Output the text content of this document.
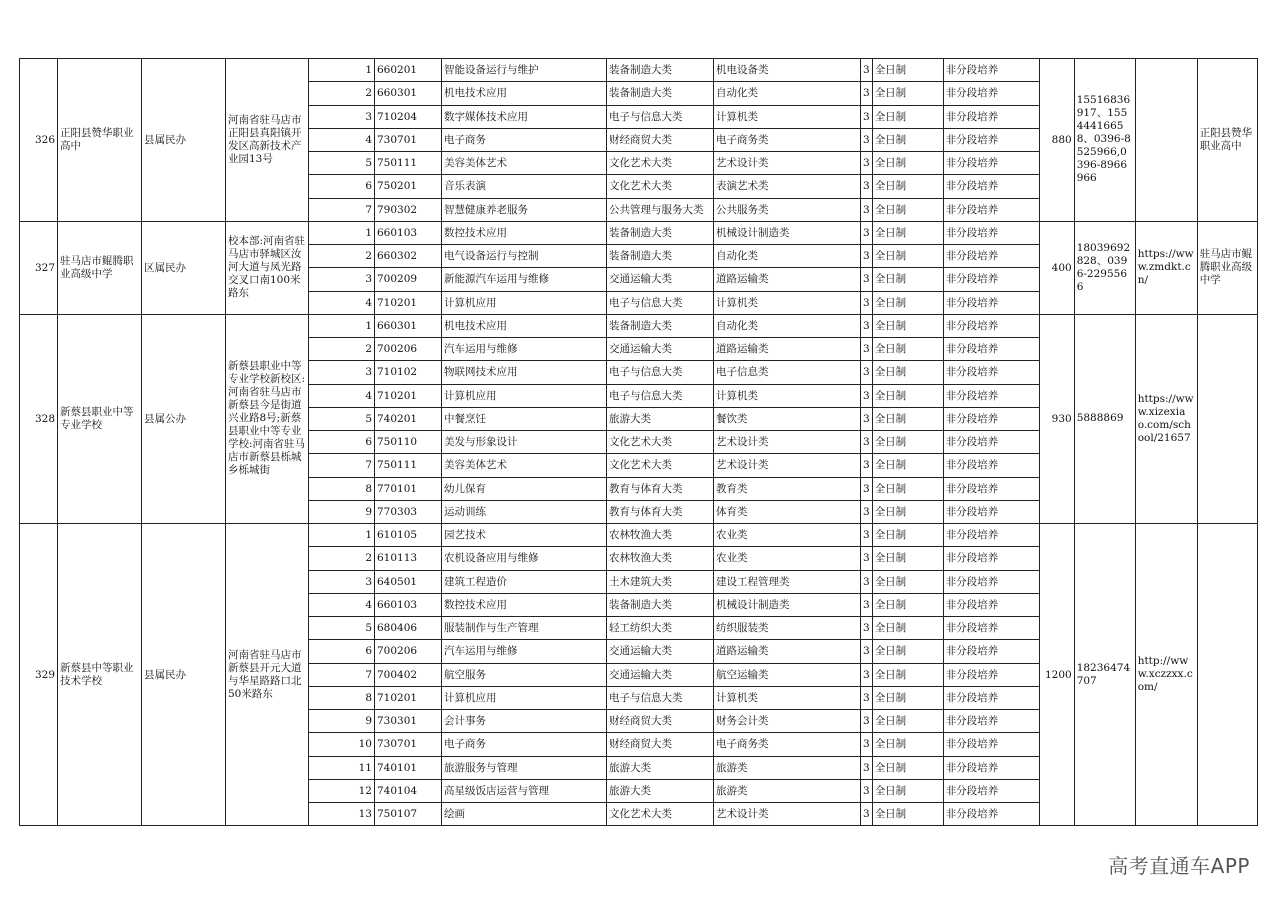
326	正阳县赞华职业高中	县属民办	河南省驻马店市正阳县真阳镇开发区高新技术产业园13号	1	660201	智能设备运行与维护	装备制造大类	机电设备类	3	全日制	非分段培养	880	15516836917、15544416658、0396-8525966,0396-8966966		正阳县赞华职业高中
				2	660301	机电技术应用	装备制造大类	自动化类	3	全日制	非分段培养				
				3	710204	数字媒体技术应用	电子与信息大类	计算机类	3	全日制	非分段培养				
				4	730701	电子商务	财经商贸大类	电子商务类	3	全日制	非分段培养				
				5	750111	美容美体艺术	文化艺术大类	艺术设计类	3	全日制	非分段培养				
				6	750201	音乐表演	文化艺术大类	表演艺术类	3	全日制	非分段培养				
				7	790302	智慧健康养老服务	公共管理与服务大类	公共服务类	3	全日制	非分段培养				
327	驻马店市鲲腾职业高级中学	区属民办	校本部:河南省驻马店市驿城区汝河大道与凤光路交叉口南100米路东	1	660103	数控技术应用	装备制造大类	机械设计制造类	3	全日制	非分段培养	400	18039692828、0396-2295566	https://www.zmdkt.cn/	驻马店市鲲腾职业高级中学
				2	660302	电气设备运行与控制	装备制造大类	自动化类	3	全日制	非分段培养				
				3	700209	新能源汽车运用与维修	交通运输大类	道路运输类	3	全日制	非分段培养				
				4	710201	计算机应用	电子与信息大类	计算机类	3	全日制	非分段培养				
328	新蔡县职业中等专业学校	县属公办	新蔡县职业中等专业学校新校区:河南省驻马店市新蔡县今是街道兴业路8号;新蔡县职业中等专业学校:河南省驻马店市新蔡县栎城乡栎城街	1	660301	机电技术应用	装备制造大类	自动化类	3	全日制	非分段培养	930	5888869	https://www.xizexiao.com/school/21657	
				2	700206	汽车运用与维修	交通运输大类	道路运输类	3	全日制	非分段培养				
				3	710102	物联网技术应用	电子与信息大类	电子信息类	3	全日制	非分段培养				
				4	710201	计算机应用	电子与信息大类	计算机类	3	全日制	非分段培养				
				5	740201	中餐烹饪	旅游大类	餐饮类	3	全日制	非分段培养				
				6	750110	美发与形象设计	文化艺术大类	艺术设计类	3	全日制	非分段培养				
				7	750111	美容美体艺术	文化艺术大类	艺术设计类	3	全日制	非分段培养				
				8	770101	幼儿保育	教育与体育大类	教育类	3	全日制	非分段培养				
				9	770303	运动训练	教育与体育大类	体育类	3	全日制	非分段培养				
329	新蔡县中等职业技术学校	县属民办	河南省驻马店市新蔡县开元大道与华星路路口北50米路东	1	610105	园艺技术	农林牧渔大类	农业类	3	全日制	非分段培养	1200	18236474707	http://www.xczzxx.com/	
				2	610113	农机设备应用与维修	农林牧渔大类	农业类	3	全日制	非分段培养				
				3	640501	建筑工程造价	土木建筑大类	建设工程管理类	3	全日制	非分段培养				
				4	660103	数控技术应用	装备制造大类	机械设计制造类	3	全日制	非分段培养				
				5	680406	服装制作与生产管理	轻工纺织大类	纺织服装类	3	全日制	非分段培养				
				6	700206	汽车运用与维修	交通运输大类	道路运输类	3	全日制	非分段培养				
				7	700402	航空服务	交通运输大类	航空运输类	3	全日制	非分段培养				
				8	710201	计算机应用	电子与信息大类	计算机类	3	全日制	非分段培养				
				9	730301	会计事务	财经商贸大类	财务会计类	3	全日制	非分段培养				
				10	730701	电子商务	财经商贸大类	电子商务类	3	全日制	非分段培养				
				11	740101	旅游服务与管理	旅游大类	旅游类	3	全日制	非分段培养				
				12	740104	高星级饭店运营与管理	旅游大类	旅游类	3	全日制	非分段培养				
				13	750107	绘画	文化艺术大类	艺术设计类	3	全日制	非分段培养				
高考直通车APP
